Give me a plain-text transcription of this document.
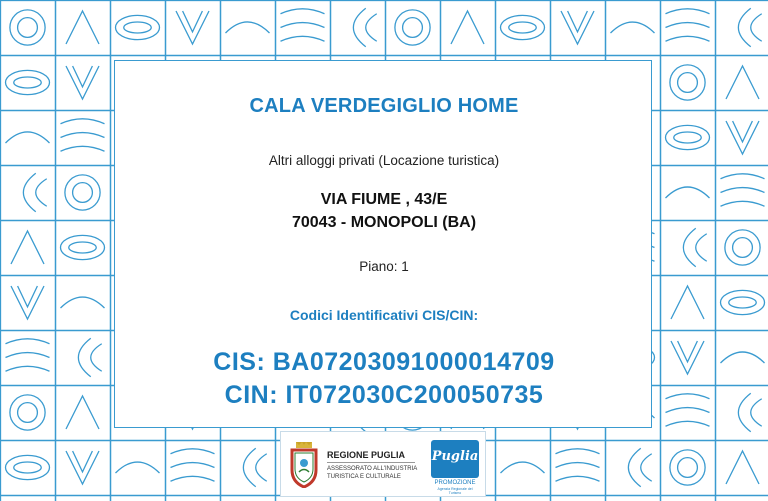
CALA VERDEGIGLIO HOME

Altri alloggi privati (Locazione turistica)

VIA FIUME , 43/E

70043 - MONOPOLI (BA)

Piano: 1

Codici Identificativi CIS/CIN:

CIS: BA07203091000014709

CIN: IT072030C200050735

REGIONE PUGLIA
ASSESSORATO ALL'INDUSTRIA
TURISTICA E CULTURALE
Puglia
PROMOZIONE
Agenzia Regionale del Turismo
